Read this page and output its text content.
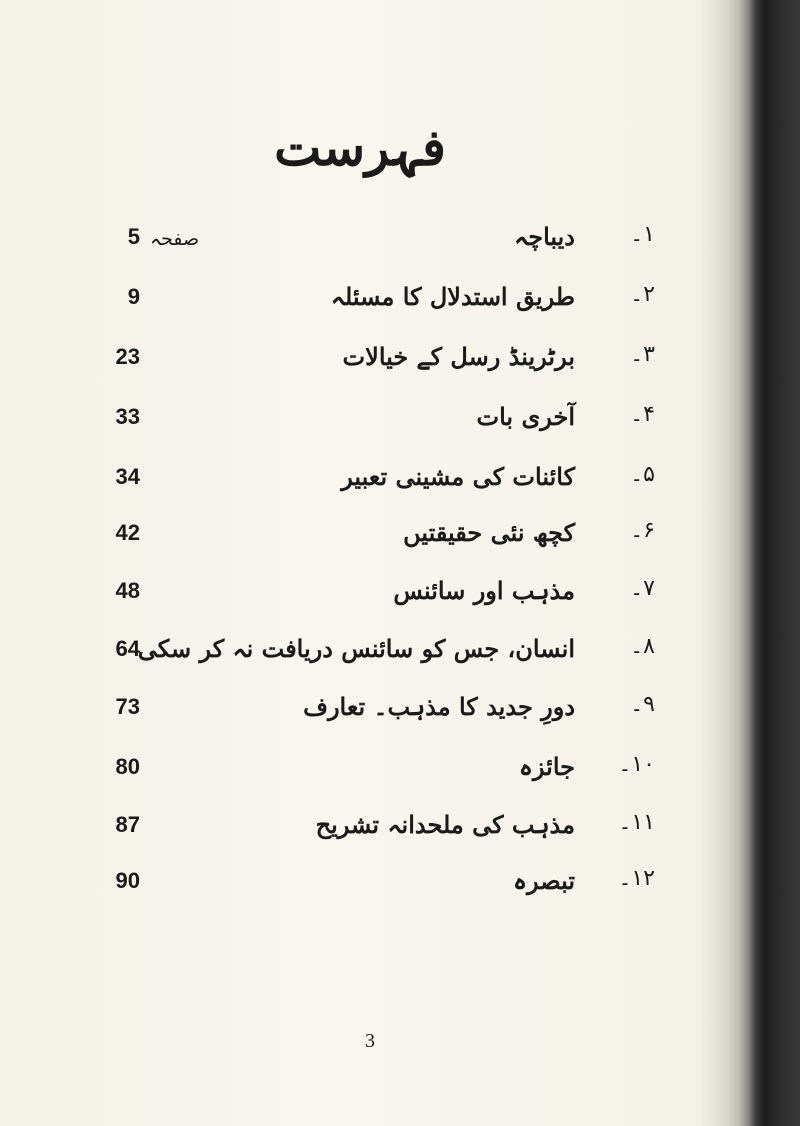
فہرست
صفحہ	۱۔
دیباچہ
5
۲۔
طریق استدلال کا مسئلہ
9
۳۔
برٹرینڈ رسل کے خیالات
23
۴۔
آخری بات
33
۵۔
کائنات کی مشینی تعبیر
34
۶۔
کچھ نئی حقیقتیں
42
۷۔
مذہب اور سائنس
48
۸۔
انسان، جس کو سائنس دریافت نہ کر سکی
64
۹۔
دورِ جدید کا مذہب۔ تعارف
73
۱۰۔
جائزہ
80
۱۱۔
مذہب کی ملحدانہ تشریح
87
۱۲۔
تبصرہ
90
3
